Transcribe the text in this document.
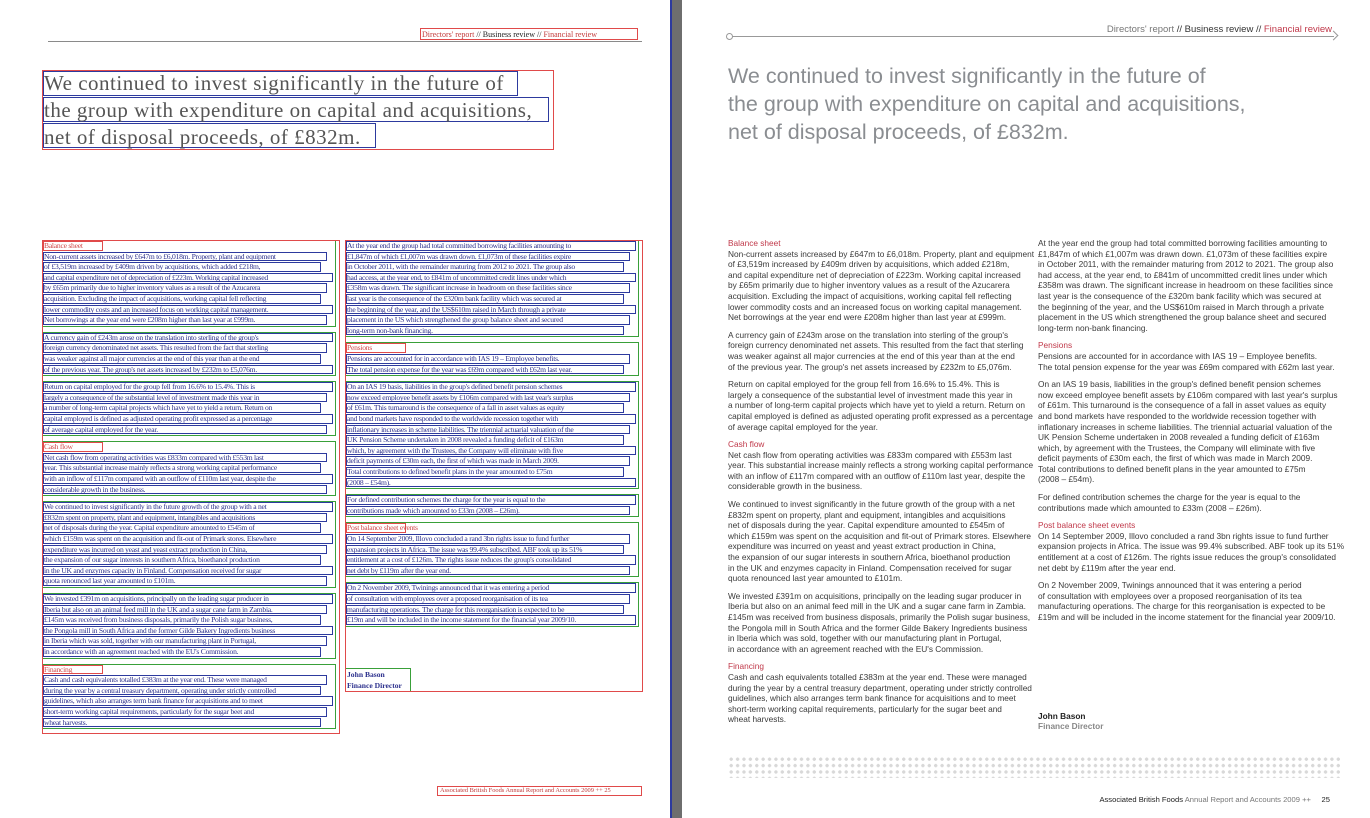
Directors' report // Business review // Financial review
We continued to invest significantly in the future of
the group with expenditure on capital and acquisitions,
net of disposal proceeds, of £832m.
Balance sheet
Non-current assets increased by £647m to £6,018m. Property, plant and equipment
of £3,519m increased by £409m driven by acquisitions, which added £218m,
and capital expenditure net of depreciation of £223m. Working capital increased
by £65m primarily due to higher inventory values as a result of the Azucarera
acquisition. Excluding the impact of acquisitions, working capital fell reflecting
lower commodity costs and an increased focus on working capital management.
Net borrowings at the year end were £208m higher than last year at £999m.
A currency gain of £243m arose on the translation into sterling of the group's
foreign currency denominated net assets. This resulted from the fact that sterling
was weaker against all major currencies at the end of this year than at the end
of the previous year. The group's net assets increased by £232m to £5,076m.
Return on capital employed for the group fell from 16.6% to 15.4%. This is
largely a consequence of the substantial level of investment made this year in
a number of long-term capital projects which have yet to yield a return. Return on
capital employed is defined as adjusted operating profit expressed as a percentage
of average capital employed for the year.
Cash flow
Net cash flow from operating activities was £833m compared with £553m last
year. This substantial increase mainly reflects a strong working capital performance
with an inflow of £117m compared with an outflow of £110m last year, despite the
considerable growth in the business.
We continued to invest significantly in the future growth of the group with a net
£832m spent on property, plant and equipment, intangibles and acquisitions
net of disposals during the year. Capital expenditure amounted to £545m of
which £159m was spent on the acquisition and fit-out of Primark stores. Elsewhere
expenditure was incurred on yeast and yeast extract production in China,
the expansion of our sugar interests in southern Africa, bioethanol production
in the UK and enzymes capacity in Finland. Compensation received for sugar
quota renounced last year amounted to £101m.
We invested £391m on acquisitions, principally on the leading sugar producer in
Iberia but also on an animal feed mill in the UK and a sugar cane farm in Zambia.
£145m was received from business disposals, primarily the Polish sugar business,
the Pongola mill in South Africa and the former Gilde Bakery Ingredients business
in Iberia which was sold, together with our manufacturing plant in Portugal,
in accordance with an agreement reached with the EU's Commission.
Financing
Cash and cash equivalents totalled £383m at the year end. These were managed
during the year by a central treasury department, operating under strictly controlled
guidelines, which also arranges term bank finance for acquisitions and to meet
short-term working capital requirements, particularly for the sugar beet and
wheat harvests.
At the year end the group had total committed borrowing facilities amounting to
£1,847m of which £1,007m was drawn down. £1,073m of these facilities expire
in October 2011, with the remainder maturing from 2012 to 2021. The group also
had access, at the year end, to £841m of uncommitted credit lines under which
£358m was drawn. The significant increase in headroom on these facilities since
last year is the consequence of the £320m bank facility which was secured at
the beginning of the year, and the US$610m raised in March through a private
placement in the US which strengthened the group balance sheet and secured
long-term non-bank financing.
Pensions
Pensions are accounted for in accordance with IAS 19 – Employee benefits.
The total pension expense for the year was £69m compared with £62m last year.
On an IAS 19 basis, liabilities in the group's defined benefit pension schemes
now exceed employee benefit assets by £106m compared with last year's surplus
of £61m. This turnaround is the consequence of a fall in asset values as equity
and bond markets have responded to the worldwide recession together with
inflationary increases in scheme liabilities. The triennial actuarial valuation of the
UK Pension Scheme undertaken in 2008 revealed a funding deficit of £163m
which, by agreement with the Trustees, the Company will eliminate with five
deficit payments of £30m each, the first of which was made in March 2009.
Total contributions to defined benefit plans in the year amounted to £75m
(2008 – £54m).
For defined contribution schemes the charge for the year is equal to the
contributions made which amounted to £33m (2008 – £26m).
Post balance sheet events
On 14 September 2009, Illovo concluded a rand 3bn rights issue to fund further
expansion projects in Africa. The issue was 99.4% subscribed. ABF took up its 51%
entitlement at a cost of £126m. The rights issue reduces the group's consolidated
net debt by £119m after the year end.
On 2 November 2009, Twinings announced that it was entering a period
of consultation with employees over a proposed reorganisation of its tea
manufacturing operations. The charge for this reorganisation is expected to be
£19m and will be included in the income statement for the financial year 2009/10.
John Bason
Finance Director
Associated British Foods Annual Report and Accounts 2009 ++ 25
Directors' report // Business review // Financial review
We continued to invest significantly in the future of
the group with expenditure on capital and acquisitions,
net of disposal proceeds, of £832m.

Balance sheet
Non-current assets increased by £647m to £6,018m. Property, plant and equipment
of £3,519m increased by £409m driven by acquisitions, which added £218m,
and capital expenditure net of depreciation of £223m. Working capital increased
by £65m primarily due to higher inventory values as a result of the Azucarera
acquisition. Excluding the impact of acquisitions, working capital fell reflecting
lower commodity costs and an increased focus on working capital management.
Net borrowings at the year end were £208m higher than last year at £999m.

A currency gain of £243m arose on the translation into sterling of the group's
foreign currency denominated net assets. This resulted from the fact that sterling
was weaker against all major currencies at the end of this year than at the end
of the previous year. The group's net assets increased by £232m to £5,076m.

Return on capital employed for the group fell from 16.6% to 15.4%. This is
largely a consequence of the substantial level of investment made this year in
a number of long-term capital projects which have yet to yield a return. Return on
capital employed is defined as adjusted operating profit expressed as a percentage
of average capital employed for the year.

Cash flow
Net cash flow from operating activities was £833m compared with £553m last
year. This substantial increase mainly reflects a strong working capital performance
with an inflow of £117m compared with an outflow of £110m last year, despite the
considerable growth in the business.

We continued to invest significantly in the future growth of the group with a net
£832m spent on property, plant and equipment, intangibles and acquisitions
net of disposals during the year. Capital expenditure amounted to £545m of
which £159m was spent on the acquisition and fit-out of Primark stores. Elsewhere
expenditure was incurred on yeast and yeast extract production in China,
the expansion of our sugar interests in southern Africa, bioethanol production
in the UK and enzymes capacity in Finland. Compensation received for sugar
quota renounced last year amounted to £101m.

We invested £391m on acquisitions, principally on the leading sugar producer in
Iberia but also on an animal feed mill in the UK and a sugar cane farm in Zambia.
£145m was received from business disposals, primarily the Polish sugar business,
the Pongola mill in South Africa and the former Gilde Bakery Ingredients business
in Iberia which was sold, together with our manufacturing plant in Portugal,
in accordance with an agreement reached with the EU's Commission.

Financing
Cash and cash equivalents totalled £383m at the year end. These were managed
during the year by a central treasury department, operating under strictly controlled
guidelines, which also arranges term bank finance for acquisitions and to meet
short-term working capital requirements, particularly for the sugar beet and
wheat harvests.

At the year end the group had total committed borrowing facilities amounting to
£1,847m of which £1,007m was drawn down. £1,073m of these facilities expire
in October 2011, with the remainder maturing from 2012 to 2021. The group also
had access, at the year end, to £841m of uncommitted credit lines under which
£358m was drawn. The significant increase in headroom on these facilities since
last year is the consequence of the £320m bank facility which was secured at
the beginning of the year, and the US$610m raised in March through a private
placement in the US which strengthened the group balance sheet and secured
long-term non-bank financing.

Pensions
Pensions are accounted for in accordance with IAS 19 – Employee benefits.
The total pension expense for the year was £69m compared with £62m last year.

On an IAS 19 basis, liabilities in the group's defined benefit pension schemes
now exceed employee benefit assets by £106m compared with last year's surplus
of £61m. This turnaround is the consequence of a fall in asset values as equity
and bond markets have responded to the worldwide recession together with
inflationary increases in scheme liabilities. The triennial actuarial valuation of the
UK Pension Scheme undertaken in 2008 revealed a funding deficit of £163m
which, by agreement with the Trustees, the Company will eliminate with five
deficit payments of £30m each, the first of which was made in March 2009.
Total contributions to defined benefit plans in the year amounted to £75m
(2008 – £54m).

For defined contribution schemes the charge for the year is equal to the
contributions made which amounted to £33m (2008 – £26m).

Post balance sheet events
On 14 September 2009, Illovo concluded a rand 3bn rights issue to fund further
expansion projects in Africa. The issue was 99.4% subscribed. ABF took up its 51%
entitlement at a cost of £126m. The rights issue reduces the group's consolidated
net debt by £119m after the year end.

On 2 November 2009, Twinings announced that it was entering a period
of consultation with employees over a proposed reorganisation of its tea
manufacturing operations. The charge for this reorganisation is expected to be
£19m and will be included in the income statement for the financial year 2009/10.

John Bason
Finance Director

Associated British Foods Annual Report and Accounts 2009 ++ 25
